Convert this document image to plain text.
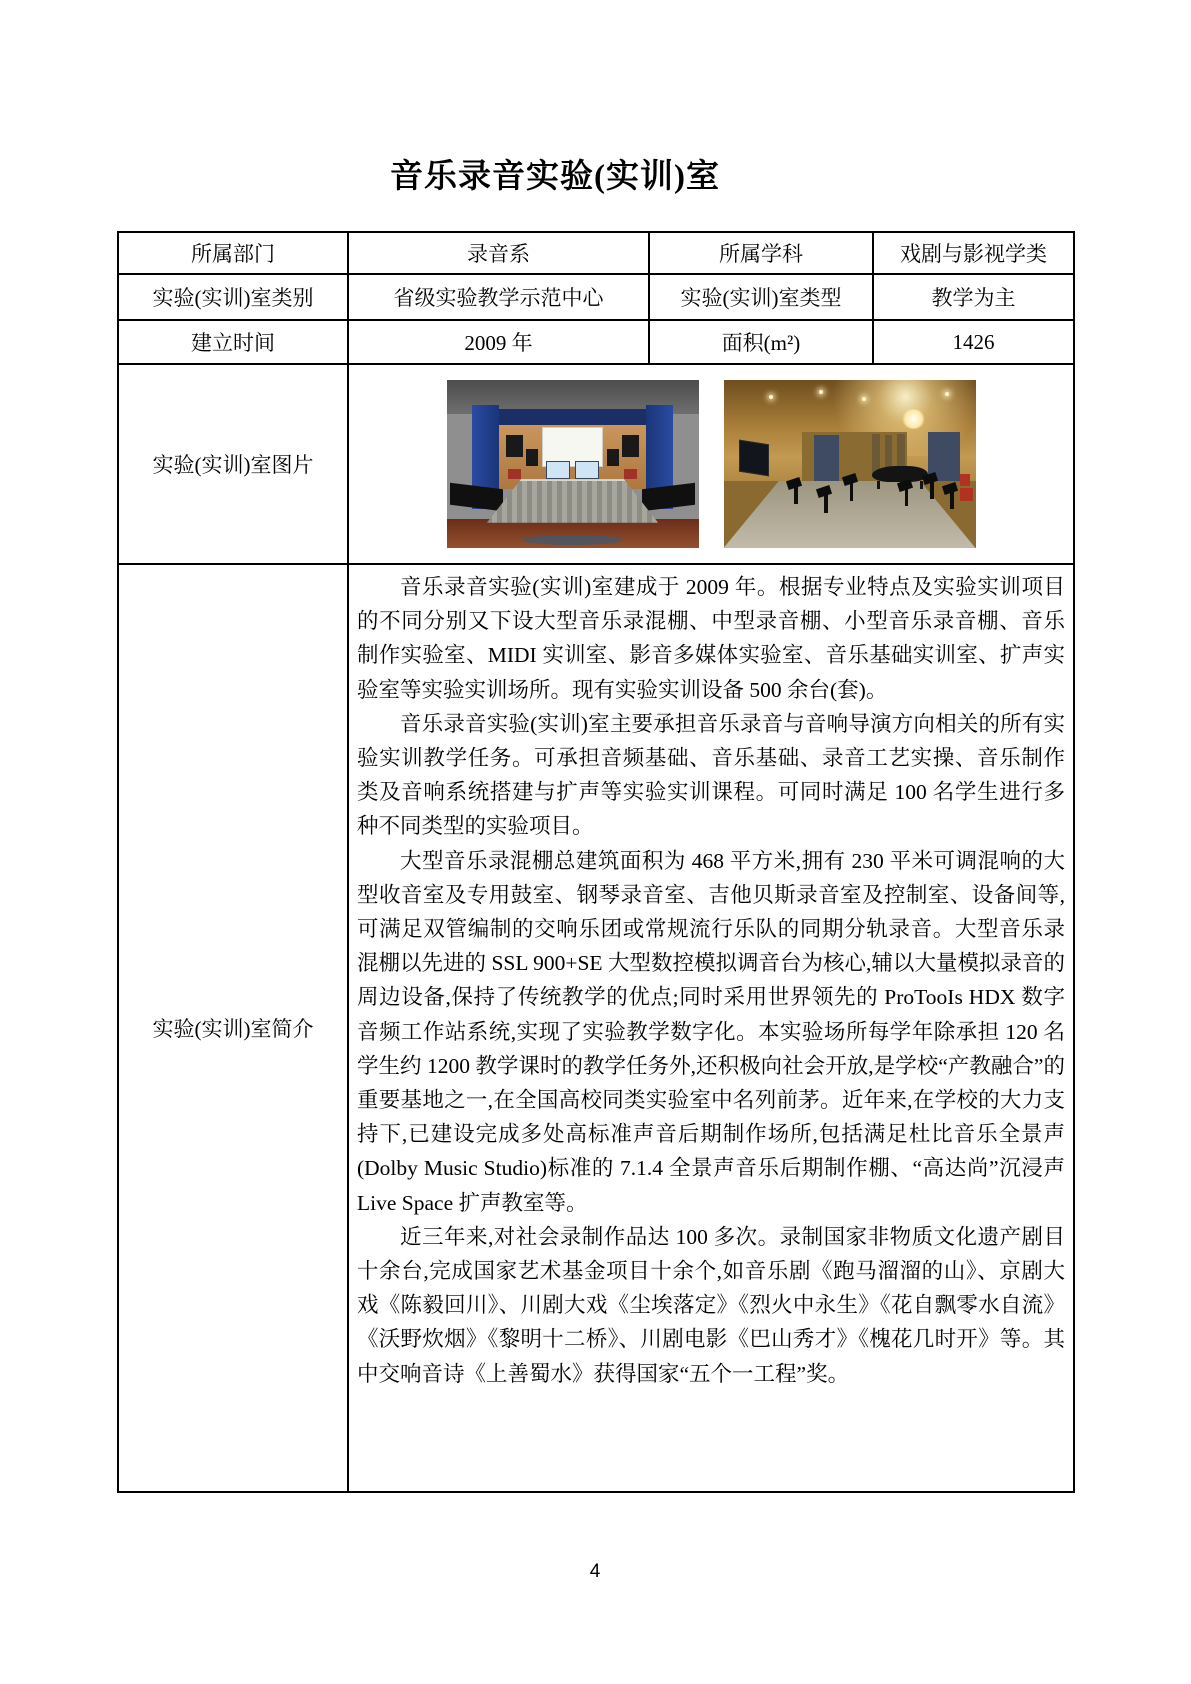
音乐录音实验(实训)室
所属部门	录音系	所属学科	戏剧与影视学类
实验(实训)室类别	省级实验教学示范中心	实验(实训)室类型	教学为主
建立时间	2009 年	面积(m²)	1426
实验(实训)室图片			

实验(实训)室简介	音乐录音实验(实训)室建成于 2009 年。根据专业特点及实验实训项目的不同分别又下设大型音乐录混棚、中型录音棚、小型音乐录音棚、音乐制作实验室、MIDI 实训室、影音多媒体实验室、音乐基础实训室、扩声实验室等实验实训场所。现有实验实训设备 500 余台(套)。

音乐录音实验(实训)室主要承担音乐录音与音响导演方向相关的所有实验实训教学任务。可承担音频基础、音乐基础、录音工艺实操、音乐制作类及音响系统搭建与扩声等实验实训课程。可同时满足 100 名学生进行多种不同类型的实验项目。

大型音乐录混棚总建筑面积为 468 平方米,拥有 230 平米可调混响的大型收音室及专用鼓室、钢琴录音室、吉他贝斯录音室及控制室、设备间等,可满足双管编制的交响乐团或常规流行乐队的同期分轨录音。大型音乐录混棚以先进的 SSL 900+SE 大型数控模拟调音台为核心,辅以大量模拟录音的周边设备,保持了传统教学的优点;同时采用世界领先的 ProTooIs HDX 数字音频工作站系统,实现了实验教学数字化。本实验场所每学年除承担 120 名学生约 1200 教学课时的教学任务外,还积极向社会开放,是学校“产教融合”的重要基地之一,在全国高校同类实验室中名列前茅。近年来,在学校的大力支持下,已建设完成多处高标准声音后期制作场所,包括满足杜比音乐全景声(Dolby Music Studio)标准的 7.1.4 全景声音乐后期制作棚、“高达尚”沉浸声 Live Space 扩声教室等。

近三年来,对社会录制作品达 100 多次。录制国家非物质文化遗产剧目十余台,完成国家艺术基金项目十余个,如音乐剧《跑马溜溜的山》、京剧大戏《陈毅回川》、川剧大戏《尘埃落定》《烈火中永生》《花自飘零水自流》《沃野炊烟》《黎明十二桥》、川剧电影《巴山秀才》《槐花几时开》等。其中交响音诗《上善蜀水》获得国家“五个一工程”奖。		

4
